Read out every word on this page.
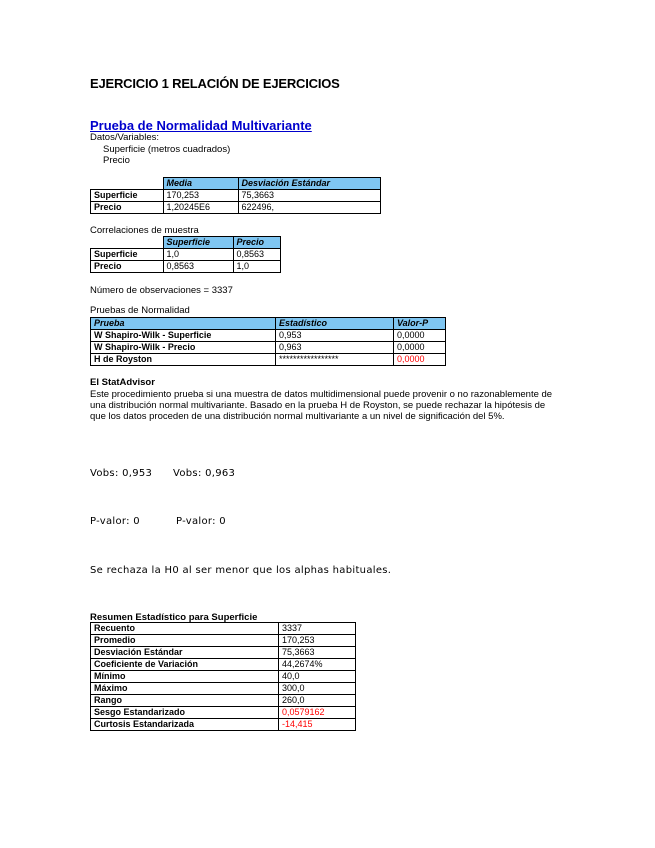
EJERCICIO 1 RELACIÓN DE EJERCICIOS
Prueba de Normalidad Multivariante
Datos/Variables:
Superficie (metros cuadrados)
Precio
	Media	Desviación Estándar
Superficie	170,253	75,3663
Precio	1,20245E6	622496,
Correlaciones de muestra
	Superficie	Precio
Superficie	1,0	0,8563
Precio	0,8563	1,0
Número de observaciones = 3337
Pruebas de Normalidad
Prueba	Estadístico	Valor-P
W Shapiro-Wilk - Superficie	0,953	0,0000
W Shapiro-Wilk - Precio	0,963	0,0000
H de Royston	*****************	0,0000
El StatAdvisor
Este procedimiento prueba si una muestra de datos multidimensional puede provenir o no razonablemente de
una distribución normal multivariante. Basado en la prueba H de Royston, se puede rechazar la hipótesis de
que los datos proceden de una distribución normal multivariante a un nivel de significación del 5%.
Vobs: 0,953 Vobs: 0,963
P-valor: 0	P-valor: 0
Se rechaza la H0 al ser menor que los alphas habituales.
Resumen Estadístico para Superficie
Recuento	3337
Promedio	170,253
Desviación Estándar	75,3663
Coeficiente de Variación	44,2674%
Mínimo	40,0
Máximo	300,0
Rango	260,0
Sesgo Estandarizado	0,0579162
Curtosis Estandarizada	-14,415
